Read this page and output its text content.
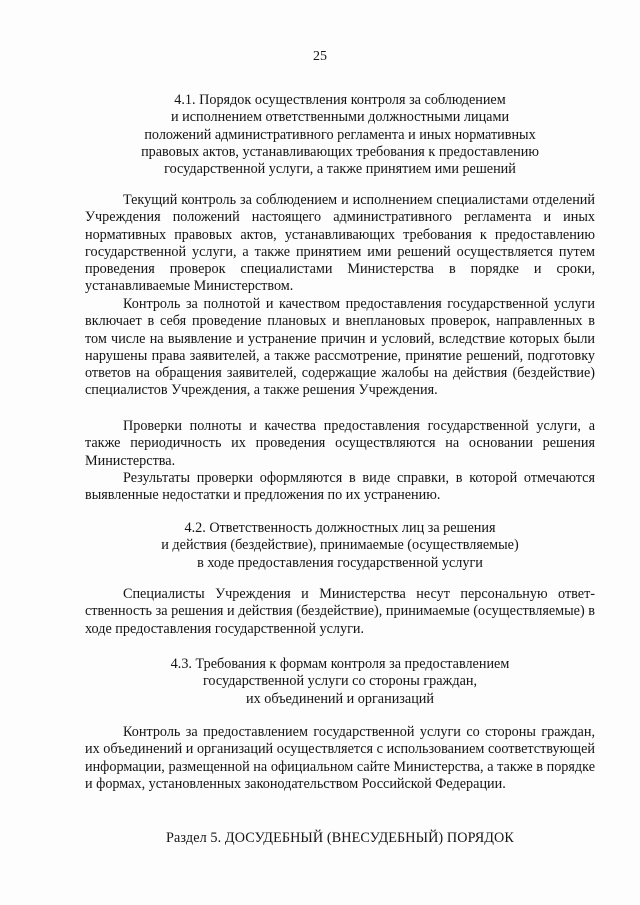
25
4.1. Порядок осуществления контроля за соблюдением
и исполнением ответственными должностными лицами
положений административного регламента и иных нормативных
правовых актов, устанавливающих требования к предоставлению
государственной услуги, а также принятием ими решений

Текущий контроль за соблюдением и исполнением специалистами отделений Учреждения положений настоящего административного регламента и иных нормативных правовых актов, устанавливающих требования к предоставлению государственной услуги, а также принятием ими решений осуществляется путем проведения проверок специалистами Министерства в порядке и сроки, устанавливаемые Министерством.

Контроль за полнотой и качеством предоставления государственной услуги включает в себя проведение плановых и внеплановых проверок, направленных в том числе на выявление и устранение причин и условий, вследствие которых были нарушены права заявителей, а также рассмотрение, принятие решений, подготовку ответов на обращения заявителей, содержащие жалобы на действия (бездействие) специалистов Учреждения, а также решения Учреждения.

Проверки полноты и качества предоставления государственной услуги, а также периодичность их проведения осуществляются на основании решения Министерства.

Результаты проверки оформляются в виде справки, в которой отмечаются выявленные недостатки и предложения по их устранению.

4.2. Ответственность должностных лиц за решения
и действия (бездействие), принимаемые (осуществляемые)
в ходе предоставления государственной услуги

Специалисты Учреждения и Министерства несут персональную ответственность за решения и действия (бездействие), принимаемые (осуществляемые) в ходе предоставления государственной услуги.

4.3. Требования к формам контроля за предоставлением
государственной услуги со стороны граждан,
их объединений и организаций

Контроль за предоставлением государственной услуги со стороны граждан, их объединений и организаций осуществляется с использованием соответствующей информации, размещенной на официальном сайте Министерства, а также в порядке и формах, установленных законодательством Российской Федерации.

Раздел 5. ДОСУДЕБНЫЙ (ВНЕСУДЕБНЫЙ) ПОРЯДОК
